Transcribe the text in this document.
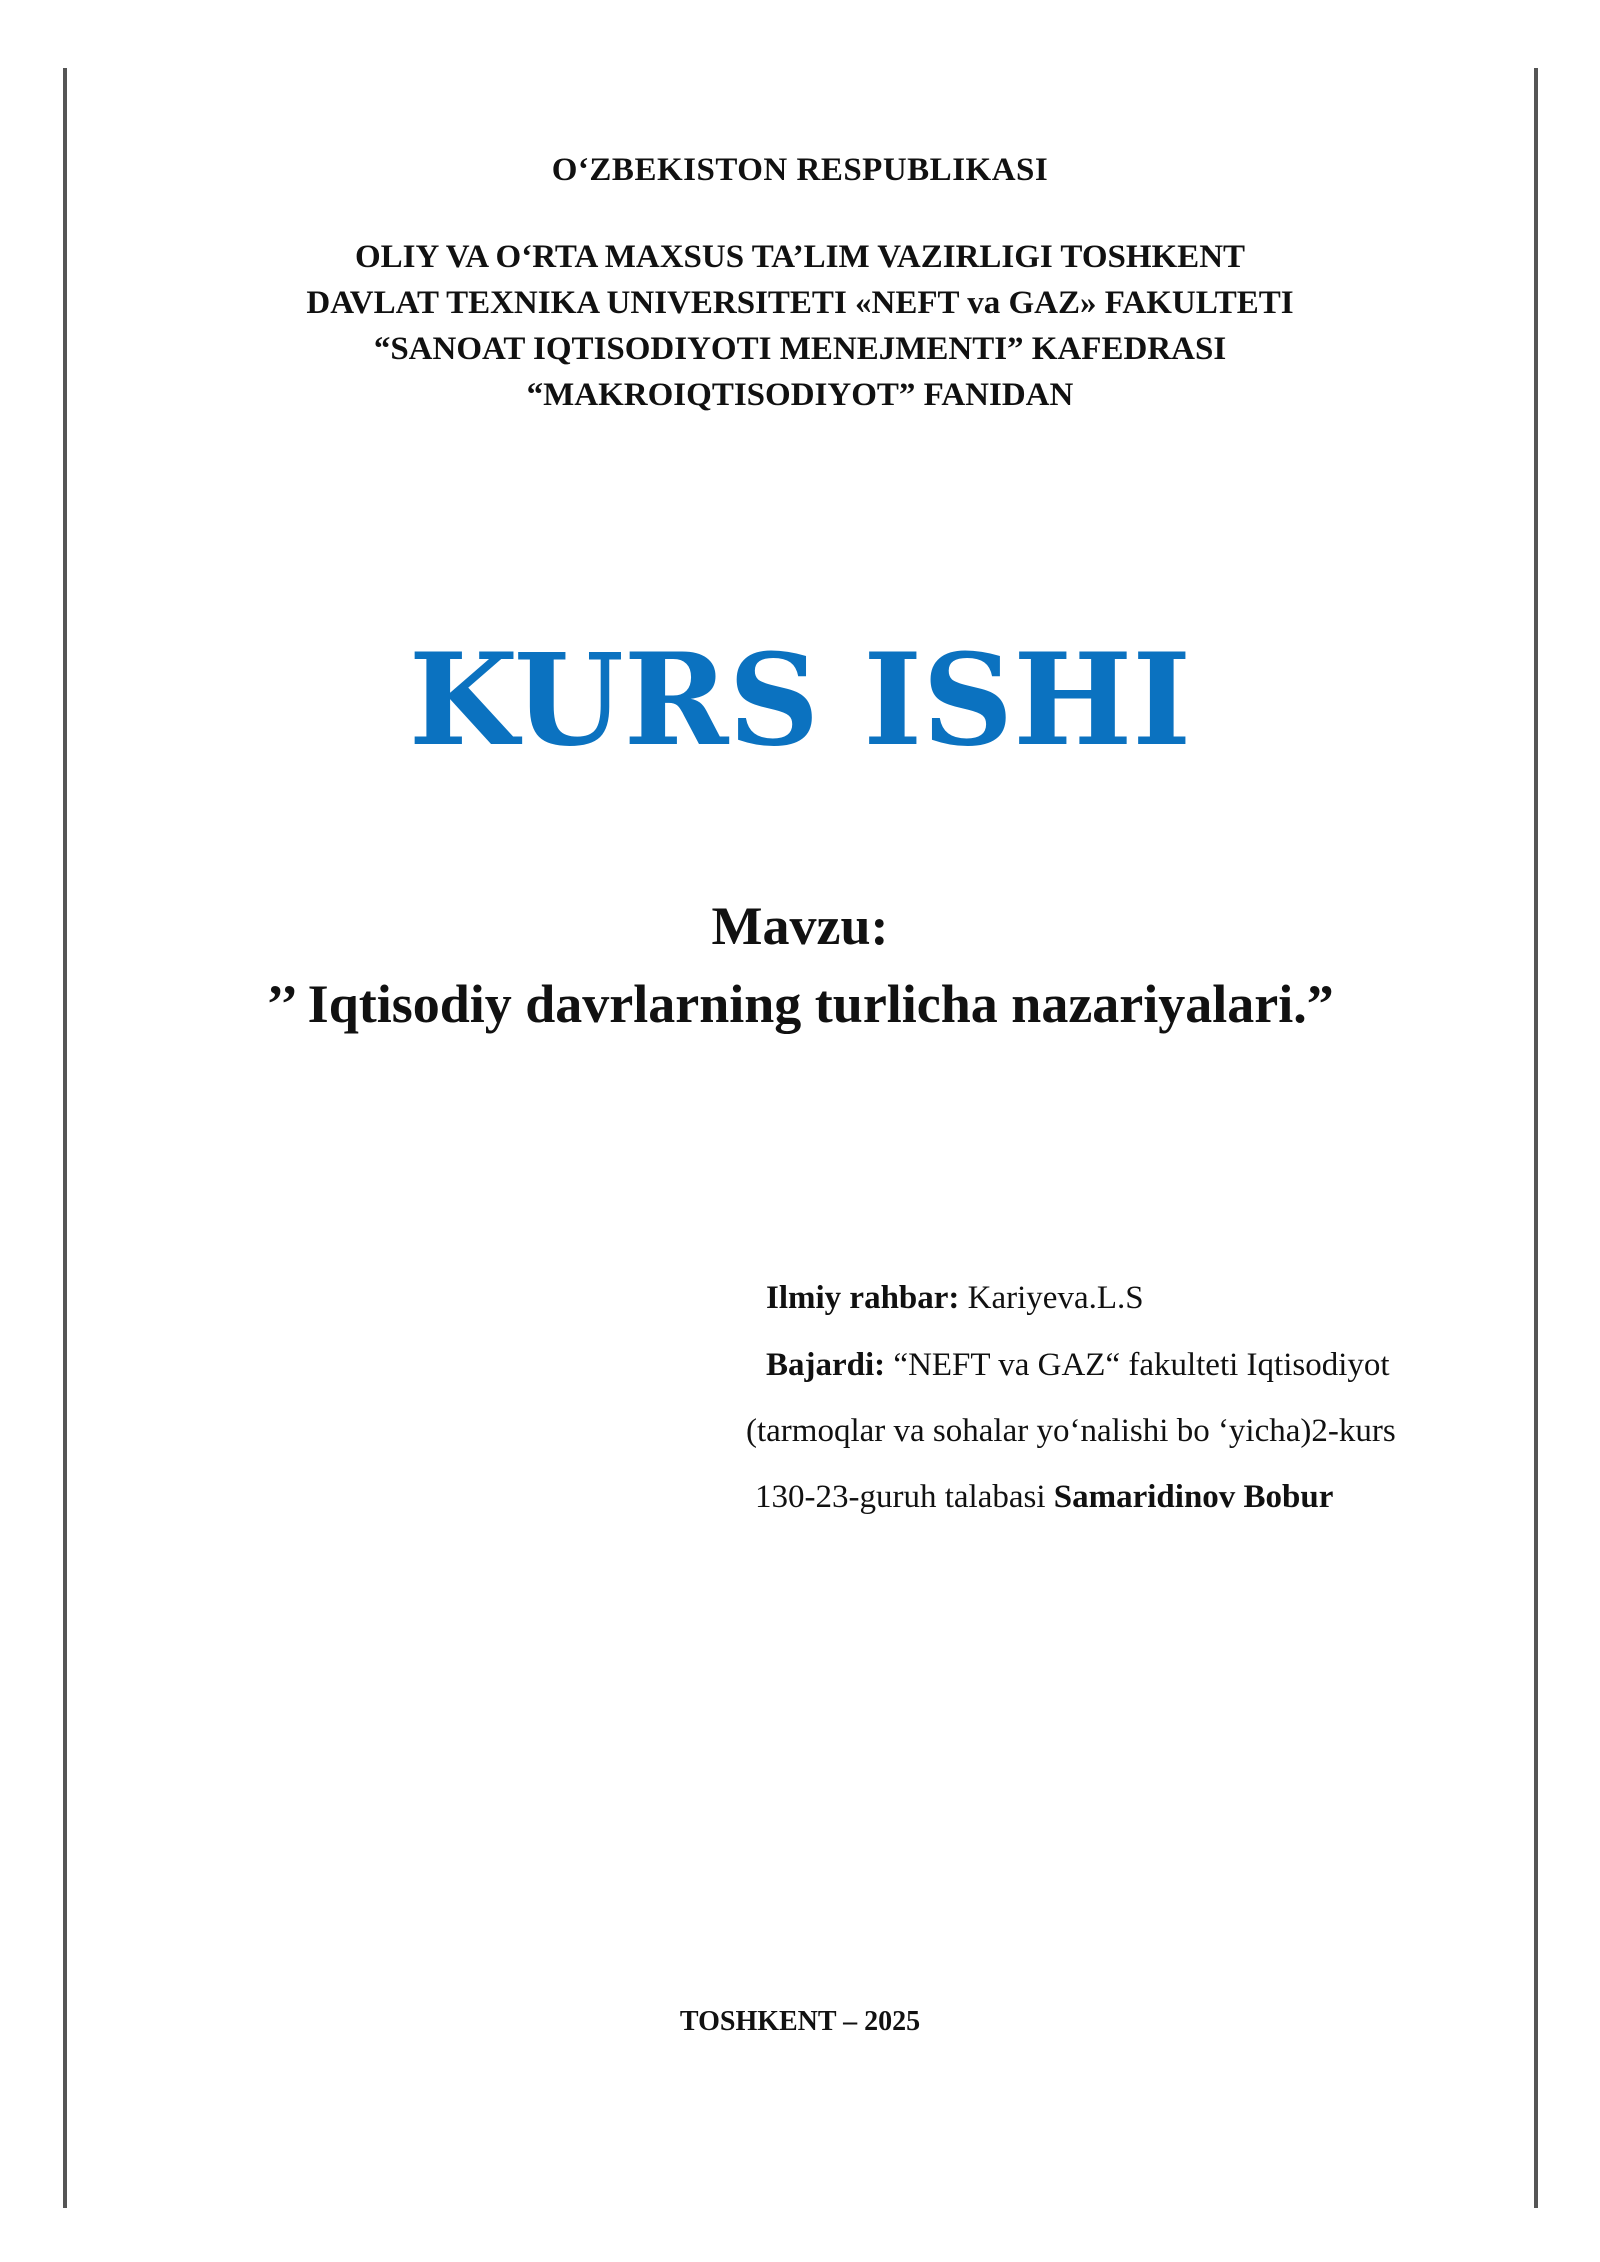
O‘ZBEKISTON RESPUBLIKASI
OLIY VA O‘RTA MAXSUS TA’LIM VAZIRLIGI TOSHKENT
DAVLAT TEXNIKA UNIVERSITETI «NEFT va GAZ» FAKULTETI
“SANOAT IQTISODIYOTI MENEJMENTI” KAFEDRASI
“MAKROIQTISODIYOT” FANIDAN
KURS ISHI
Mavzu:
’’ Iqtisodiy davrlarning turlicha nazariyalari.”
Ilmiy rahbar: Kariyeva.L.S
Bajardi: “NEFT va GAZ“ fakulteti Iqtisodiyot
(tarmoqlar va sohalar yo‘nalishi bo ‘yicha)2-kurs
130-23-guruh talabasi Samaridinov Bobur
TOSHKENT – 2025
